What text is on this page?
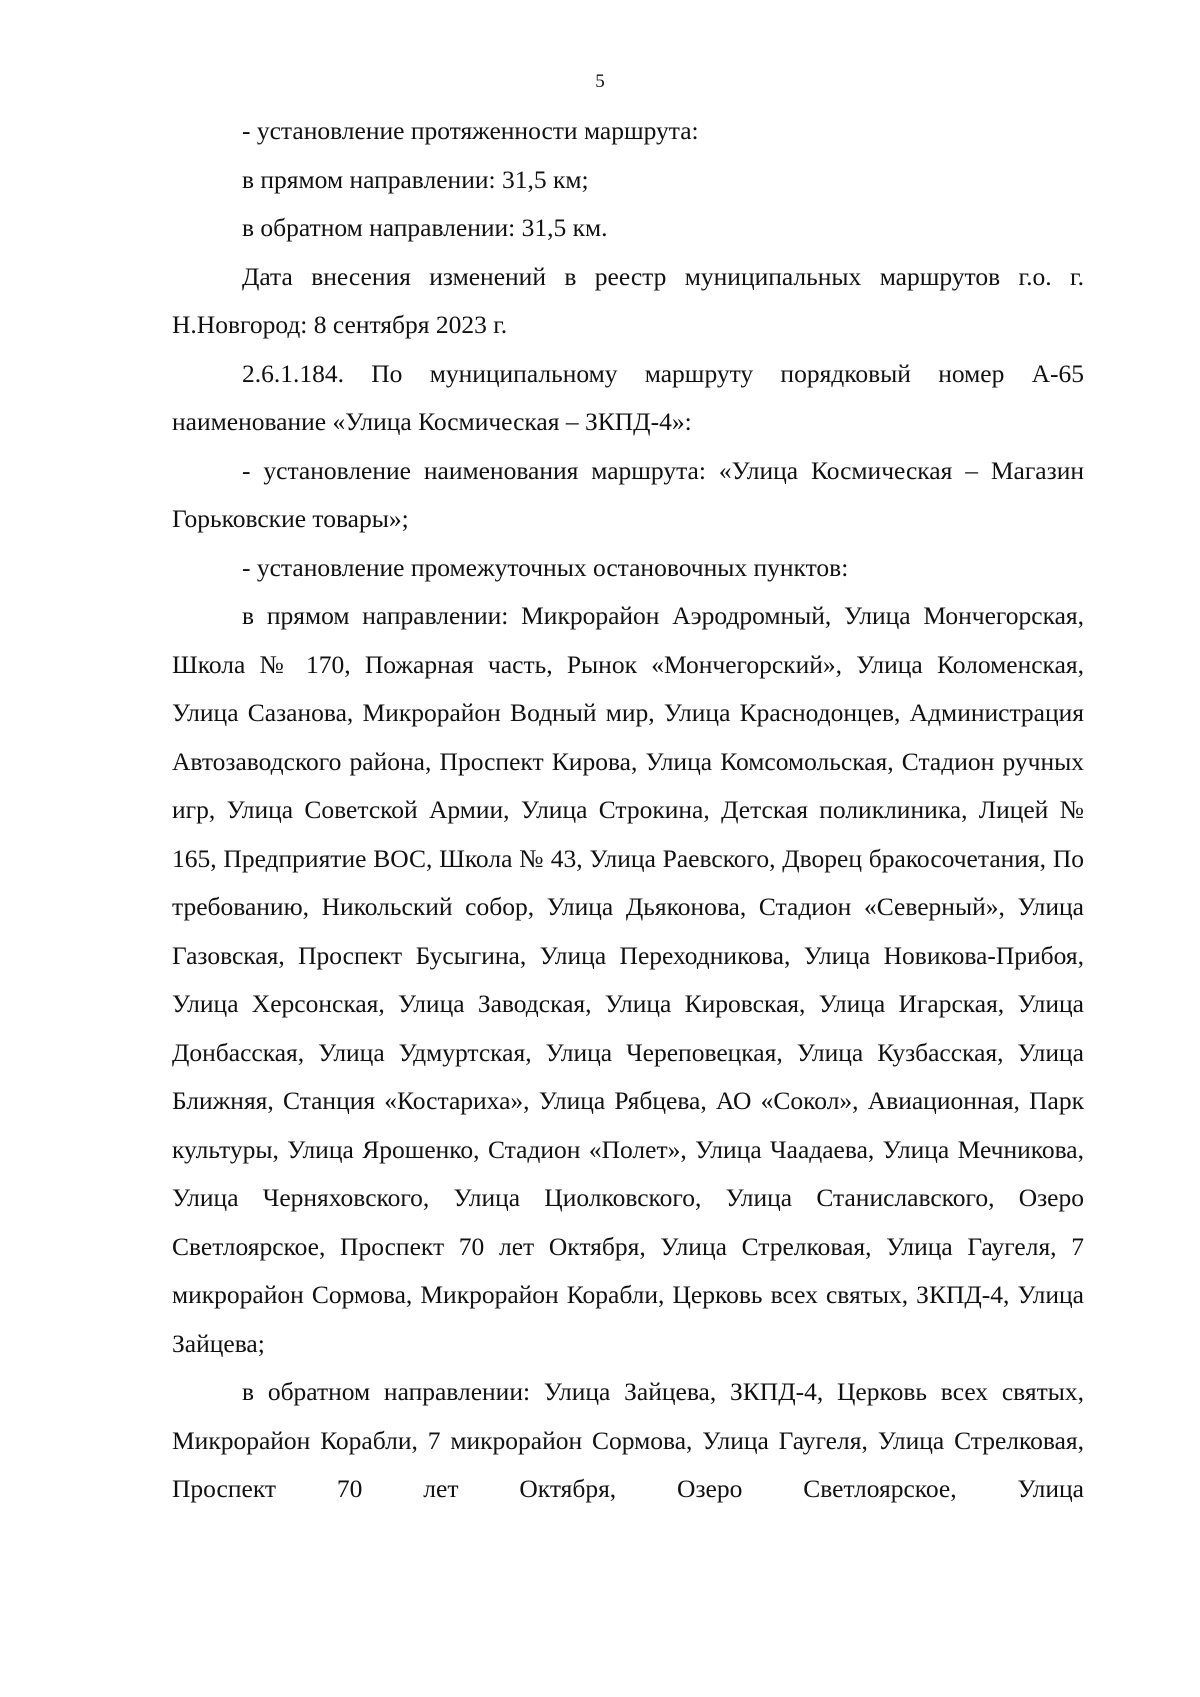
5

- установление протяженности маршрута:

в прямом направлении: 31,5 км;

в обратном направлении: 31,5 км.

Дата внесения изменений в реестр муниципальных маршрутов г.о. г. Н.Новгород: 8 сентября 2023 г.

2.6.1.184. По муниципальному маршруту порядковый номер А-65 наименование «Улица Космическая – ЗКПД-4»:

- установление наименования маршрута: «Улица Космическая – Магазин Горьковские товары»;

- установление промежуточных остановочных пунктов:

в прямом направлении: Микрорайон Аэродромный, Улица Мончегорская, Школа № 170, Пожарная часть, Рынок «Мончегорский», Улица Коломенская, Улица Сазанова, Микрорайон Водный мир, Улица Краснодонцев, Администрация Автозаводского района, Проспект Кирова, Улица Комсомольская, Стадион ручных игр, Улица Советской Армии, Улица Строкина, Детская поликлиника, Лицей № 165, Предприятие ВОС, Школа № 43, Улица Раевского, Дворец бракосочетания, По требованию, Никольский собор, Улица Дьяконова, Стадион «Северный», Улица Газовская, Проспект Бусыгина, Улица Переходникова, Улица Новикова-Прибоя, Улица Херсонская, Улица Заводская, Улица Кировская, Улица Игарская, Улица Донбасская, Улица Удмуртская, Улица Череповецкая, Улица Кузбасская, Улица Ближняя, Станция «Костариха», Улица Рябцева, АО «Сокол», Авиационная, Парк культуры, Улица Ярошенко, Стадион «Полет», Улица Чаадаева, Улица Мечникова, Улица Черняховского, Улица Циолковского, Улица Станиславского, Озеро Светлоярское, Проспект 70 лет Октября, Улица Стрелковая, Улица Гаугеля, 7 микрорайон Сормова, Микрорайон Корабли, Церковь всех святых, ЗКПД-4, Улица Зайцева;

в обратном направлении: Улица Зайцева, ЗКПД-4, Церковь всех святых, Микрорайон Корабли, 7 микрорайон Сормова, Улица Гаугеля, Улица Стрелковая, Проспект 70 лет Октября, Озеро Светлоярское, Улица
